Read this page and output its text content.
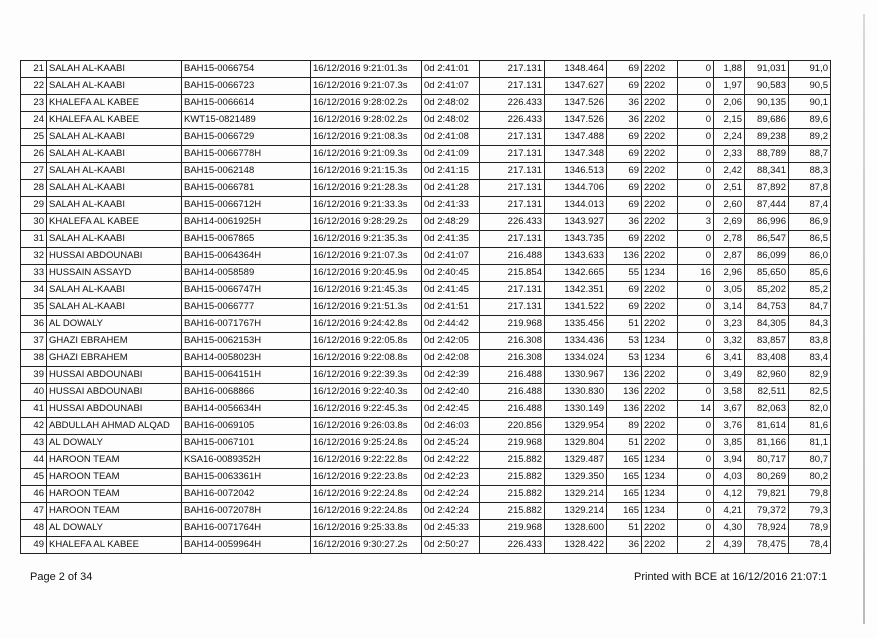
21	SALAH AL-KAABI	BAH15-0066754	16/12/2016 9:21:01.3s	0d 2:41:01	217.131	1348.464	69	2202	0	1,88	91,031	91,0
22	SALAH AL-KAABI	BAH15-0066723	16/12/2016 9:21:07.3s	0d 2:41:07	217.131	1347.627	69	2202	0	1,97	90,583	90,5
23	KHALEFA AL KABEE	BAH15-0066614	16/12/2016 9:28:02.2s	0d 2:48:02	226.433	1347.526	36	2202	0	2,06	90,135	90,1
24	KHALEFA AL KABEE	KWT15-0821489	16/12/2016 9:28:02.2s	0d 2:48:02	226.433	1347.526	36	2202	0	2,15	89,686	89,6
25	SALAH AL-KAABI	BAH15-0066729	16/12/2016 9:21:08.3s	0d 2:41:08	217.131	1347.488	69	2202	0	2,24	89,238	89,2
26	SALAH AL-KAABI	BAH15-0066778H	16/12/2016 9:21:09.3s	0d 2:41:09	217.131	1347.348	69	2202	0	2,33	88,789	88,7
27	SALAH AL-KAABI	BAH15-0062148	16/12/2016 9:21:15.3s	0d 2:41:15	217.131	1346.513	69	2202	0	2,42	88,341	88,3
28	SALAH AL-KAABI	BAH15-0066781	16/12/2016 9:21:28.3s	0d 2:41:28	217.131	1344.706	69	2202	0	2,51	87,892	87,8
29	SALAH AL-KAABI	BAH15-0066712H	16/12/2016 9:21:33.3s	0d 2:41:33	217.131	1344.013	69	2202	0	2,60	87,444	87,4
30	KHALEFA AL KABEE	BAH14-0061925H	16/12/2016 9:28:29.2s	0d 2:48:29	226.433	1343.927	36	2202	3	2,69	86,996	86,9
31	SALAH AL-KAABI	BAH15-0067865	16/12/2016 9:21:35.3s	0d 2:41:35	217.131	1343.735	69	2202	0	2,78	86,547	86,5
32	HUSSAI ABDOUNABI	BAH15-0064364H	16/12/2016 9:21:07.3s	0d 2:41:07	216.488	1343.633	136	2202	0	2,87	86,099	86,0
33	HUSSAIN ASSAYD	BAH14-0058589	16/12/2016 9:20:45.9s	0d 2:40:45	215.854	1342.665	55	1234	16	2,96	85,650	85,6
34	SALAH AL-KAABI	BAH15-0066747H	16/12/2016 9:21:45.3s	0d 2:41:45	217.131	1342.351	69	2202	0	3,05	85,202	85,2
35	SALAH AL-KAABI	BAH15-0066777	16/12/2016 9:21:51.3s	0d 2:41:51	217.131	1341.522	69	2202	0	3,14	84,753	84,7
36	AL DOWALY	BAH16-0071767H	16/12/2016 9:24:42.8s	0d 2:44:42	219.968	1335.456	51	2202	0	3,23	84,305	84,3
37	GHAZI EBRAHEM	BAH15-0062153H	16/12/2016 9:22:05.8s	0d 2:42:05	216.308	1334.436	53	1234	0	3,32	83,857	83,8
38	GHAZI EBRAHEM	BAH14-0058023H	16/12/2016 9:22:08.8s	0d 2:42:08	216.308	1334.024	53	1234	6	3,41	83,408	83,4
39	HUSSAI ABDOUNABI	BAH15-0064151H	16/12/2016 9:22:39.3s	0d 2:42:39	216.488	1330.967	136	2202	0	3,49	82,960	82,9
40	HUSSAI ABDOUNABI	BAH16-0068866	16/12/2016 9:22:40.3s	0d 2:42:40	216.488	1330.830	136	2202	0	3,58	82,511	82,5
41	HUSSAI ABDOUNABI	BAH14-0056634H	16/12/2016 9:22:45.3s	0d 2:42:45	216.488	1330.149	136	2202	14	3,67	82,063	82,0
42	ABDULLAH AHMAD ALQAD	BAH16-0069105	16/12/2016 9:26:03.8s	0d 2:46:03	220.856	1329.954	89	2202	0	3,76	81,614	81,6
43	AL DOWALY	BAH15-0067101	16/12/2016 9:25:24.8s	0d 2:45:24	219.968	1329.804	51	2202	0	3,85	81,166	81,1
44	HAROON TEAM	KSA16-0089352H	16/12/2016 9:22:22.8s	0d 2:42:22	215.882	1329.487	165	1234	0	3,94	80,717	80,7
45	HAROON TEAM	BAH15-0063361H	16/12/2016 9:22:23.8s	0d 2:42:23	215.882	1329.350	165	1234	0	4,03	80,269	80,2
46	HAROON TEAM	BAH16-0072042	16/12/2016 9:22:24.8s	0d 2:42:24	215.882	1329.214	165	1234	0	4,12	79,821	79,8
47	HAROON TEAM	BAH16-0072078H	16/12/2016 9:22:24.8s	0d 2:42:24	215.882	1329.214	165	1234	0	4,21	79,372	79,3
48	AL DOWALY	BAH16-0071764H	16/12/2016 9:25:33.8s	0d 2:45:33	219.968	1328.600	51	2202	0	4,30	78,924	78,9
49	KHALEFA AL KABEE	BAH14-0059964H	16/12/2016 9:30:27.2s	0d 2:50:27	226.433	1328.422	36	2202	2	4,39	78,475	78,4
Page 2 of 34	Printed with BCE at 16/12/2016 21:07:1
